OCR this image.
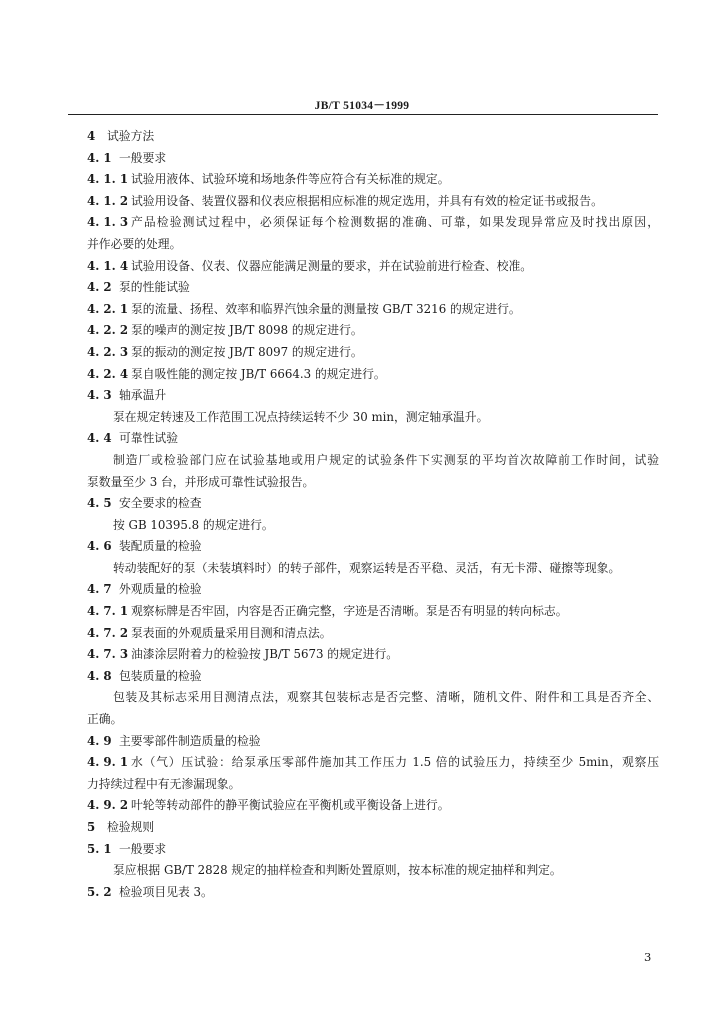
JB/T 51034－1999
4 试验方法
4. 1 一般要求
4. 1. 1 试验用液体、试验环境和场地条件等应符合有关标准的规定。
4. 1. 2 试验用设备、装置仪器和仪表应根据相应标准的规定选用，并具有有效的检定证书或报告。
4. 1. 3 产品检验测试过程中，必须保证每个检测数据的准确、可靠，如果发现异常应及时找出原因，
并作必要的处理。
4. 1. 4 试验用设备、仪表、仪器应能满足测量的要求，并在试验前进行检查、校准。
4. 2 泵的性能试验
4. 2. 1 泵的流量、扬程、效率和临界汽蚀余量的测量按 GB/T 3216 的规定进行。
4. 2. 2 泵的噪声的测定按 JB/T 8098 的规定进行。
4. 2. 3 泵的振动的测定按 JB/T 8097 的规定进行。
4. 2. 4 泵自吸性能的测定按 JB/T 6664.3 的规定进行。
4. 3 轴承温升
泵在规定转速及工作范围工况点持续运转不少 30 min，测定轴承温升。
4. 4 可靠性试验
制造厂或检验部门应在试验基地或用户规定的试验条件下实测泵的平均首次故障前工作时间，试验
泵数量至少 3 台，并形成可靠性试验报告。
4. 5 安全要求的检查
按 GB 10395.8 的规定进行。
4. 6 装配质量的检验
转动装配好的泵（未装填料时）的转子部件，观察运转是否平稳、灵活，有无卡滞、碰擦等现象。
4. 7 外观质量的检验
4. 7. 1 观察标牌是否牢固，内容是否正确完整，字迹是否清晰。泵是否有明显的转向标志。
4. 7. 2 泵表面的外观质量采用目测和清点法。
4. 7. 3 油漆涂层附着力的检验按 JB/T 5673 的规定进行。
4. 8 包装质量的检验
包装及其标志采用目测清点法，观察其包装标志是否完整、清晰，随机文件、附件和工具是否齐全、
正确。
4. 9 主要零部件制造质量的检验
4. 9. 1 水（气）压试验：给泵承压零部件施加其工作压力 1.5 倍的试验压力，持续至少 5min，观察压
力持续过程中有无渗漏现象。
4. 9. 2 叶轮等转动部件的静平衡试验应在平衡机或平衡设备上进行。
5 检验规则
5. 1 一般要求
泵应根据 GB/T 2828 规定的抽样检查和判断处置原则，按本标准的规定抽样和判定。
5. 2 检验项目见表 3。
3
